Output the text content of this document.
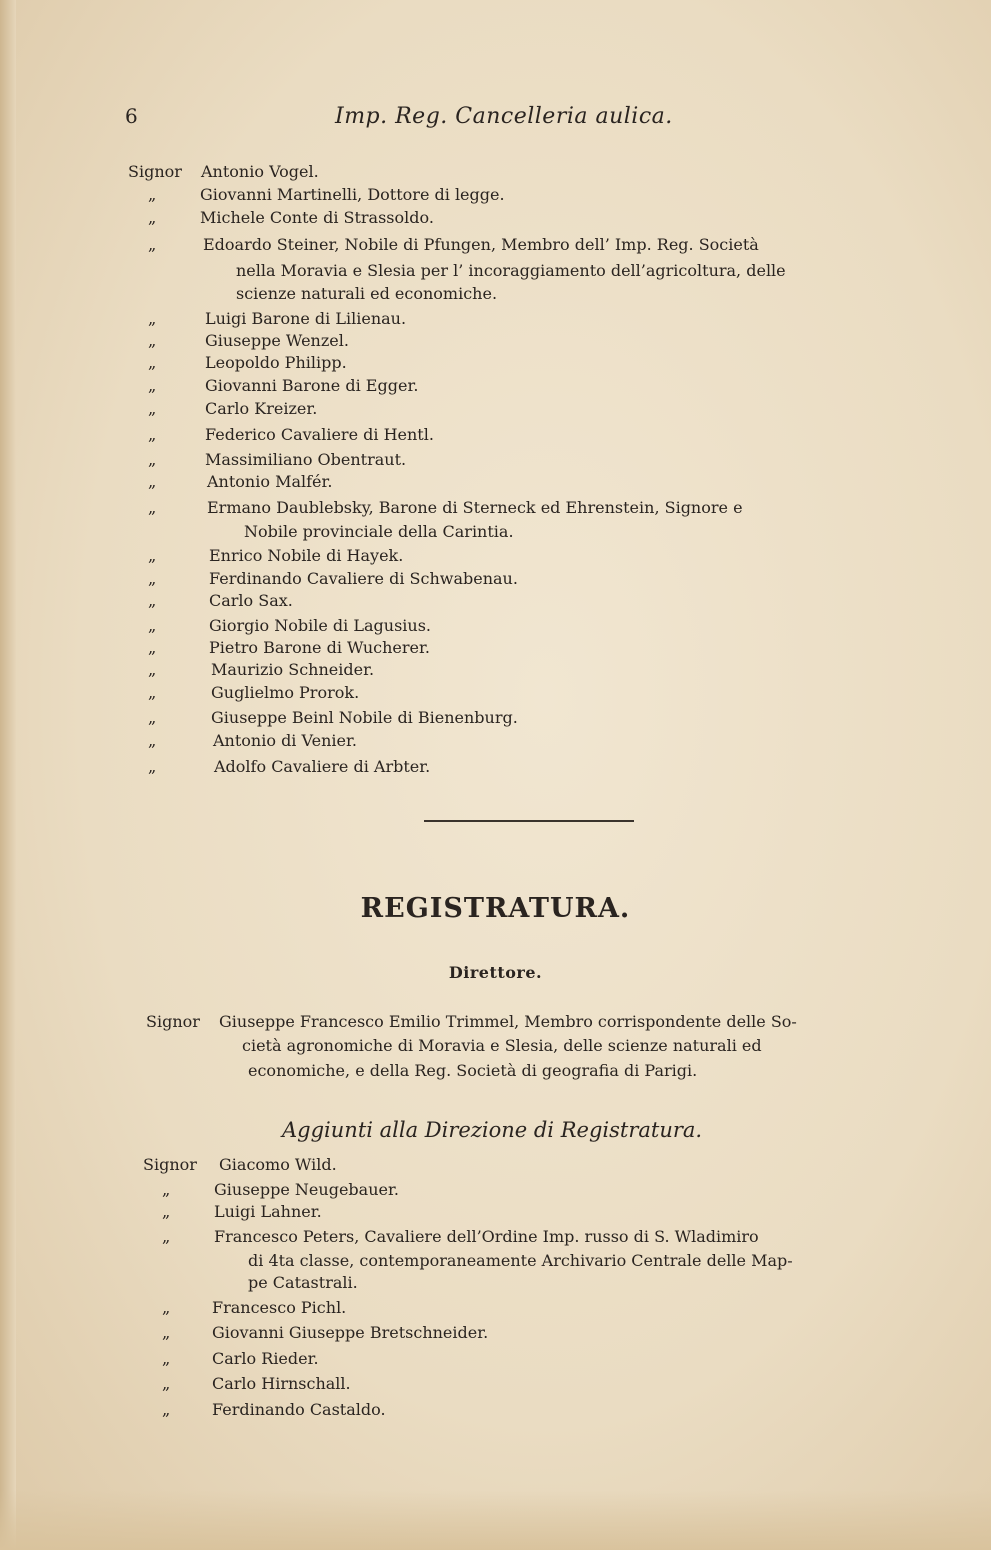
6	Imp. Reg. Cancelleria aulica.
Signor Antonio Vogel.
„	Giovanni Martinelli, Dottore di legge.
„	Michele Conte di Strassoldo.
„	Edoardo Steiner, Nobile di Pfungen, Membro dell’ Imp. Reg. Società
nella Moravia e Slesia per l’ incoraggiamento dell’agricoltura, delle
scienze naturali ed economiche.
„	Luigi Barone di Lilienau.
„	Giuseppe Wenzel.
„	Leopoldo Philipp.
„	Giovanni Barone di Egger.
„	Carlo Kreizer.
„	Federico Cavaliere di Hentl.
„	Massimiliano Obentraut.
„	Antonio Malfér.
„	Ermano Daublebsky, Barone di Sterneck ed Ehrenstein, Signore e
Nobile provinciale della Carintia.
„	Enrico Nobile di Hayek.
„	Ferdinando Cavaliere di Schwabenau.
„	Carlo Sax.
„	Giorgio Nobile di Lagusius.
„	Pietro Barone di Wucherer.
„	Maurizio Schneider.
„	Guglielmo Prorok.
„	Giuseppe Beinl Nobile di Bienenburg.
„	Antonio di Venier.
„	Adolfo Cavaliere di Arbter.
REGISTRATURA.
Direttore.
Signor Giuseppe Francesco Emilio Trimmel, Membro corrispondente delle So-
cietà agronomiche di Moravia e Slesia, delle scienze naturali ed
economiche, e della Reg. Società di geografia di Parigi.
Aggiunti alla Direzione di Registratura.
Signor Giacomo Wild.
„	Giuseppe Neugebauer.
„	Luigi Lahner.
„	Francesco Peters, Cavaliere dell’Ordine Imp. russo di S. Wladimiro
di 4ta classe, contemporaneamente Archivario Centrale delle Map-
pe Catastrali.
„	Francesco Pichl.
„	Giovanni Giuseppe Bretschneider.
„	Carlo Rieder.
„	Carlo Hirnschall.
„	Ferdinando Castaldo.
